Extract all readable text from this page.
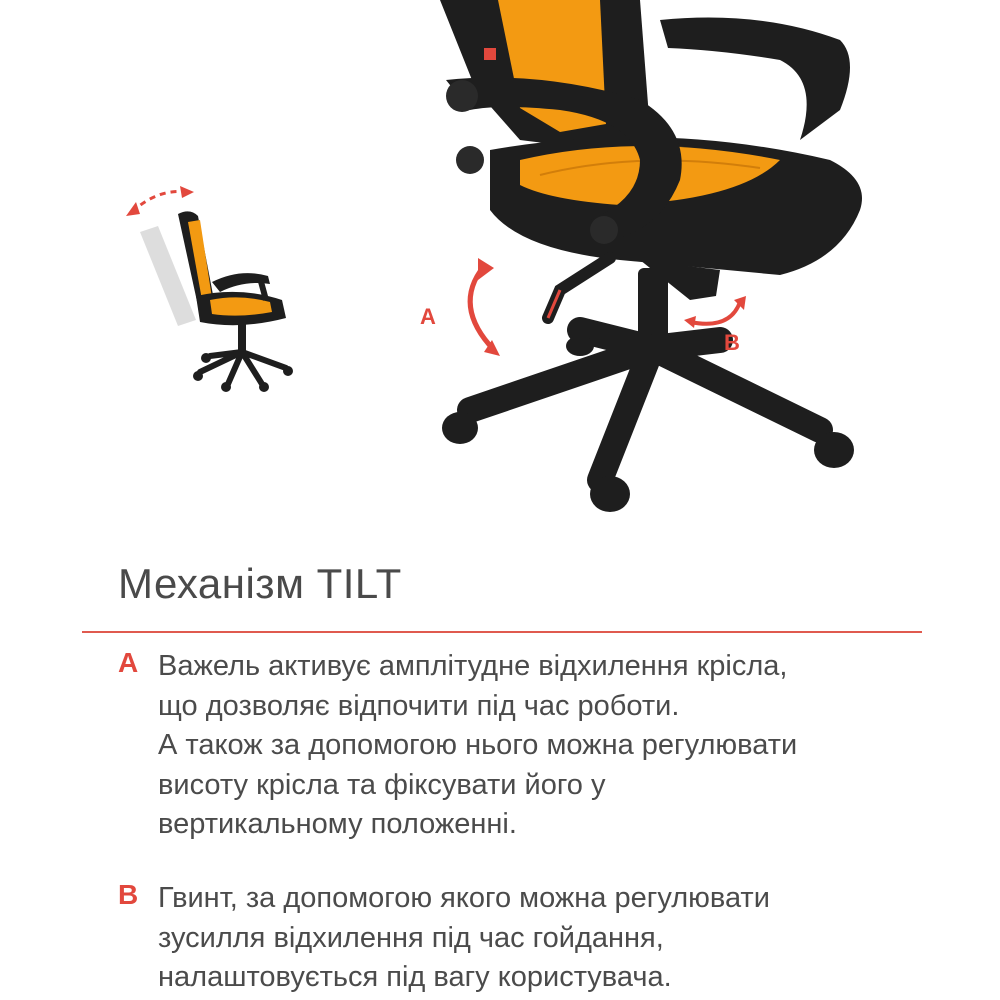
A
B
Механізм TILT
A Важель активує амплітудне відхилення крісла,
що дозволяє відпочити під час роботи.
А також за допомогою нього можна регулювати
висоту крісла та фіксувати його у
вертикальному положенні.
B Гвинт, за допомогою якого можна регулювати
зусилля відхилення під час гойдання,
налаштовується під вагу користувача.
